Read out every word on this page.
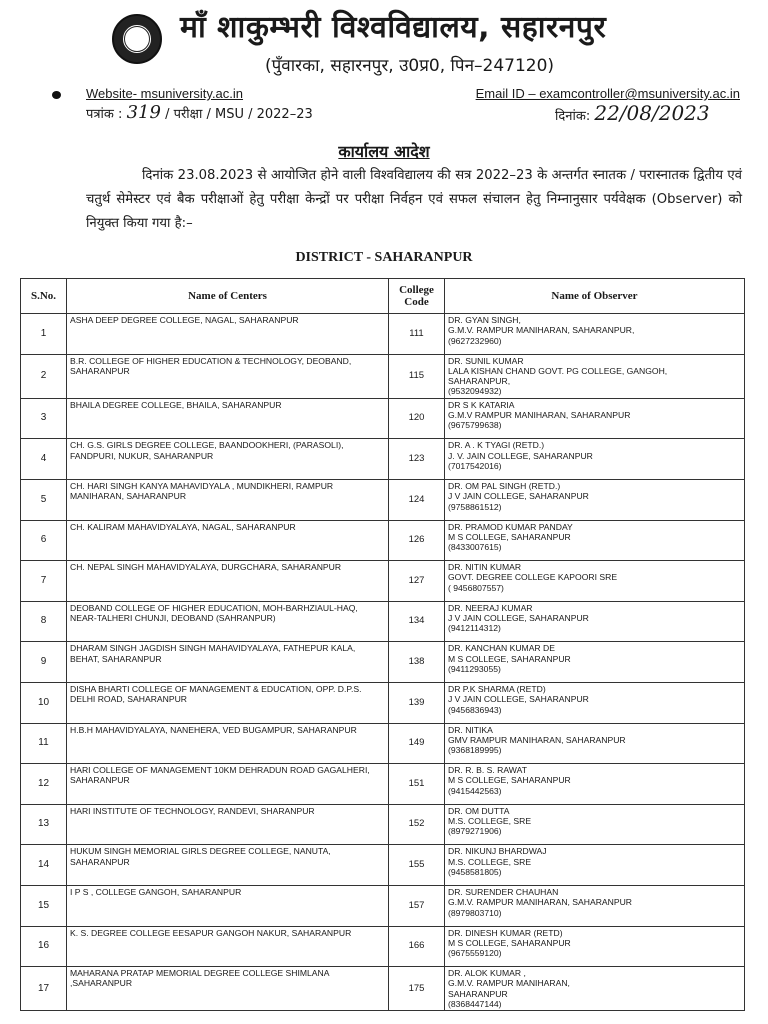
माँ शाकुम्भरी विश्वविद्यालय, सहारनपुर
(पुँवारका, सहारनपुर, उ0प्र0, पिन–247120)
Website- msuniversity.ac.in	Email ID – examcontroller@msuniversity.ac.in
पत्रांक : 319 / परीक्षा / MSU / 2022–23	दिनांक: 22/08/2023
कार्यालय आदेश

दिनांक 23.08.2023 से आयोजित होने वाली विश्वविद्यालय की सत्र 2022–23 के अन्तर्गत स्नातक / परास्नातक द्वितीय एवं चतुर्थ सेमेस्टर एवं बैक परीक्षाओं हेतु परीक्षा केन्द्रों पर परीक्षा निर्वहन एवं सफल संचालन हेतु निम्नानुसार पर्यवेक्षक (Observer) को नियुक्त किया गया है:–

DISTRICT - SAHARANPUR
S.No.	Name of Centers	College Code	Name of Observer
1	ASHA DEEP DEGREE COLLEGE, NAGAL, SAHARANPUR	111	DR. GYAN SINGH,
G.M.V. RAMPUR MANIHARAN, SAHARANPUR,
(9627232960)

2	B.R. COLLEGE OF HIGHER EDUCATION & TECHNOLOGY, DEOBAND, SAHARANPUR	115	DR. SUNIL KUMAR
LALA KISHAN CHAND GOVT. PG COLLEGE, GANGOH,
SAHARANPUR,
(9532094932)

3	BHAILA DEGREE COLLEGE, BHAILA, SAHARANPUR	120	DR S K KATARIA
G.M.V RAMPUR MANIHARAN, SAHARANPUR
(9675799638)

4	CH. G.S. GIRLS DEGREE COLLEGE, BAANDOOKHERI, (PARASOLI), FANDPURI, NUKUR, SAHARANPUR	123	DR. A . K TYAGI (RETD.)
J. V. JAIN COLLEGE, SAHARANPUR
(7017542016)

5	CH. HARI SINGH KANYA MAHAVIDYALA , MUNDIKHERI, RAMPUR MANIHARAN, SAHARANPUR	124	DR. OM PAL SINGH (RETD.)
J V JAIN COLLEGE, SAHARANPUR
(9758861512)

6	CH. KALIRAM MAHAVIDYALAYA, NAGAL, SAHARANPUR	126	DR. PRAMOD KUMAR PANDAY
M S COLLEGE, SAHARANPUR
(8433007615)

7	CH. NEPAL SINGH MAHAVIDYALAYA, DURGCHARA, SAHARANPUR	127	DR. NITIN KUMAR
GOVT. DEGREE COLLEGE KAPOORI SRE
( 9456807557)

8	DEOBAND COLLEGE OF HIGHER EDUCATION, MOH-BARHZIAUL-HAQ, NEAR-TALHERI CHUNJI, DEOBAND (SAHRANPUR)	134	DR. NEERAJ KUMAR
J V JAIN COLLEGE, SAHARANPUR
(9412114312)

9	DHARAM SINGH JAGDISH SINGH MAHAVIDYALAYA, FATHEPUR KALA, BEHAT, SAHARANPUR	138	DR. KANCHAN KUMAR DE
M S COLLEGE, SAHARANPUR
(9411293055)

10	DISHA BHARTI COLLEGE OF MANAGEMENT & EDUCATION, OPP. D.P.S. DELHI ROAD, SAHARANPUR	139	DR P.K SHARMA (RETD)
J V JAIN COLLEGE, SAHARANPUR
(9456836943)

11	H.B.H MAHAVIDYALAYA, NANEHERA, VED BUGAMPUR, SAHARANPUR	149	DR. NITIKA
GMV RAMPUR MANIHARAN, SAHARANPUR
(9368189995)

12	HARI COLLEGE OF MANAGEMENT 10KM DEHRADUN ROAD GAGALHERI, SAHARANPUR	151	DR. R. B. S. RAWAT
M S COLLEGE, SAHARANPUR
(9415442563)

13	HARI INSTITUTE OF TECHNOLOGY, RANDEVI, SHARANPUR	152	DR. OM DUTTA
M.S. COLLEGE, SRE
(8979271906)

14	HUKUM SINGH MEMORIAL GIRLS DEGREE COLLEGE, NANUTA, SAHARANPUR	155	DR. NIKUNJ BHARDWAJ
M.S. COLLEGE, SRE
(9458581805)

15	I P S , COLLEGE GANGOH, SAHARANPUR	157	DR. SURENDER CHAUHAN
G.M.V. RAMPUR MANIHARAN, SAHARANPUR
(8979803710)

16	K. S. DEGREE COLLEGE EESAPUR GANGOH NAKUR, SAHARANPUR	166	DR. DINESH KUMAR (RETD)
M S COLLEGE, SAHARANPUR
(9675559120)

17	MAHARANA PRATAP MEMORIAL DEGREE COLLEGE SHIMLANA ,SAHARANPUR	175	DR. ALOK KUMAR ,
G.M.V. RAMPUR MANIHARAN,
SAHARANPUR
(8368447144)
